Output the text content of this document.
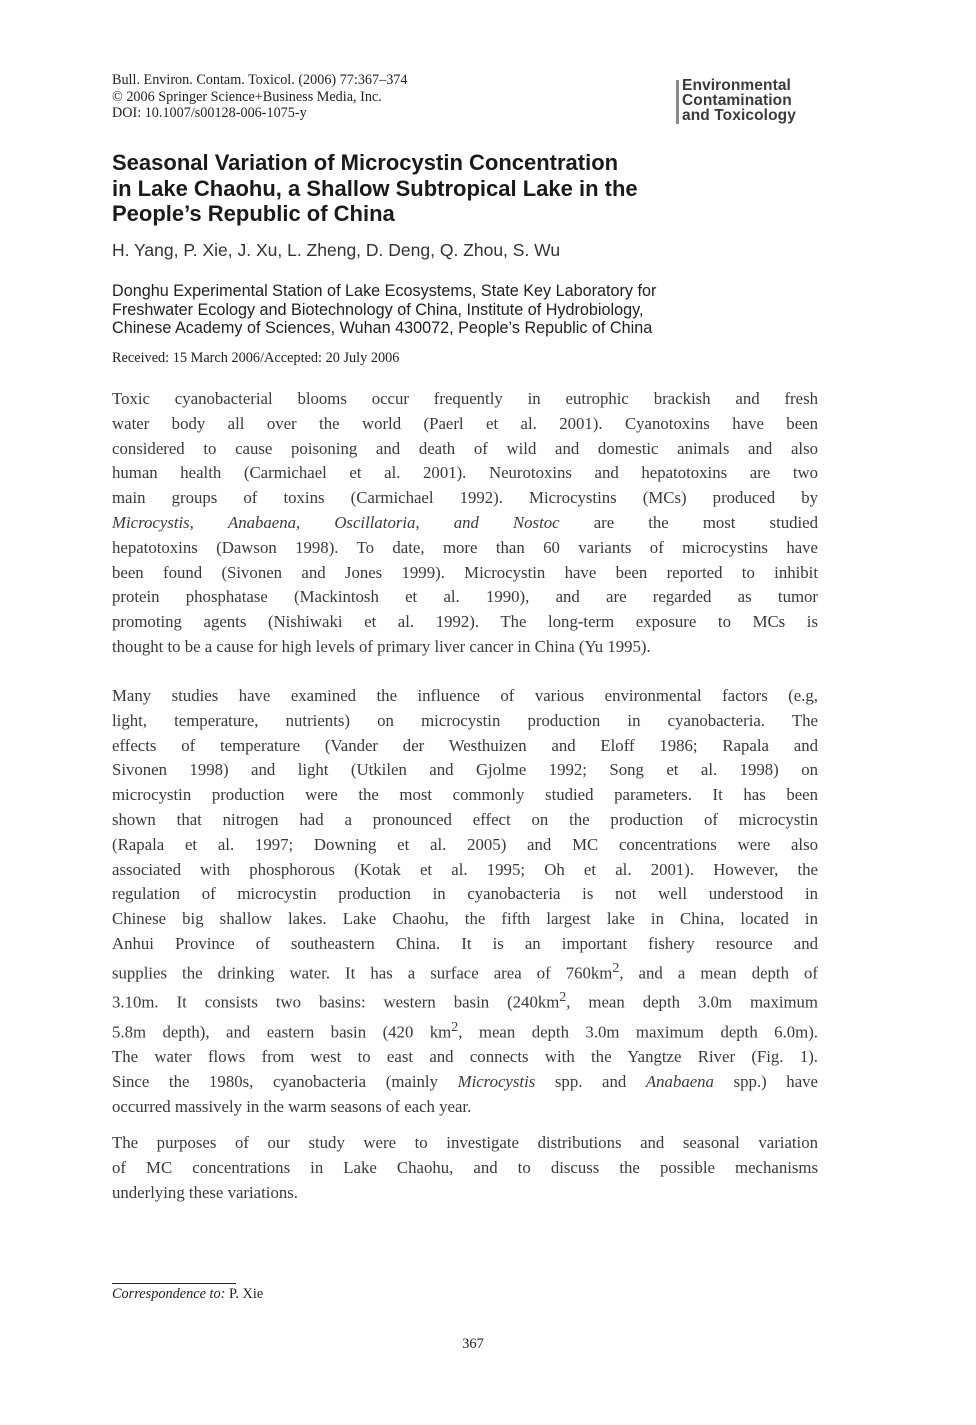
Bull. Environ. Contam. Toxicol. (2006) 77:367–374
© 2006 Springer Science+Business Media, Inc.
DOI: 10.1007/s00128-006-1075-y
Environmental
Contamination
and Toxicology
Seasonal Variation of Microcystin Concentration
in Lake Chaohu, a Shallow Subtropical Lake in the
People’s Republic of China
H. Yang, P. Xie, J. Xu, L. Zheng, D. Deng, Q. Zhou, S. Wu
Donghu Experimental Station of Lake Ecosystems, State Key Laboratory for
Freshwater Ecology and Biotechnology of China, Institute of Hydrobiology,
Chinese Academy of Sciences, Wuhan 430072, People’s Republic of China
Received: 15 March 2006/Accepted: 20 July 2006
Toxic cyanobacterial blooms occur frequently in eutrophic brackish and fresh
water body all over the world (Paerl et al. 2001). Cyanotoxins have been
considered to cause poisoning and death of wild and domestic animals and also
human health (Carmichael et al. 2001). Neurotoxins and hepatotoxins are two
main groups of toxins (Carmichael 1992). Microcystins (MCs) produced by
Microcystis, Anabaena, Oscillatoria, and Nostoc are the most studied
hepatotoxins (Dawson 1998). To date, more than 60 variants of microcystins have
been found (Sivonen and Jones 1999). Microcystin have been reported to inhibit
protein phosphatase (Mackintosh et al. 1990), and are regarded as tumor
promoting agents (Nishiwaki et al. 1992). The long-term exposure to MCs is
thought to be a cause for high levels of primary liver cancer in China (Yu 1995).
Many studies have examined the influence of various environmental factors (e.g,
light, temperature, nutrients) on microcystin production in cyanobacteria. The
effects of temperature (Vander der Westhuizen and Eloff 1986; Rapala and
Sivonen 1998) and light (Utkilen and Gjolme 1992; Song et al. 1998) on
microcystin production were the most commonly studied parameters. It has been
shown that nitrogen had a pronounced effect on the production of microcystin
(Rapala et al. 1997; Downing et al. 2005) and MC concentrations were also
associated with phosphorous (Kotak et al. 1995; Oh et al. 2001). However, the
regulation of microcystin production in cyanobacteria is not well understood in
Chinese big shallow lakes. Lake Chaohu, the fifth largest lake in China, located in
Anhui Province of southeastern China. It is an important fishery resource and
supplies the drinking water. It has a surface area of $760km^2$, and a mean depth of
3.10m. It consists two basins: western basin ($240km^2$, mean depth 3.0m maximum
5.8m depth), and eastern basin (420 $km^2$, mean depth 3.0m maximum depth 6.0m).
The water flows from west to east and connects with the Yangtze River (Fig. 1).
Since the 1980s, cyanobacteria (mainly Microcystis spp. and Anabaena spp.) have
occurred massively in the warm seasons of each year.
The purposes of our study were to investigate distributions and seasonal variation
of MC concentrations in Lake Chaohu, and to discuss the possible mechanisms
underlying these variations.
Correspondence to: P. Xie
367
